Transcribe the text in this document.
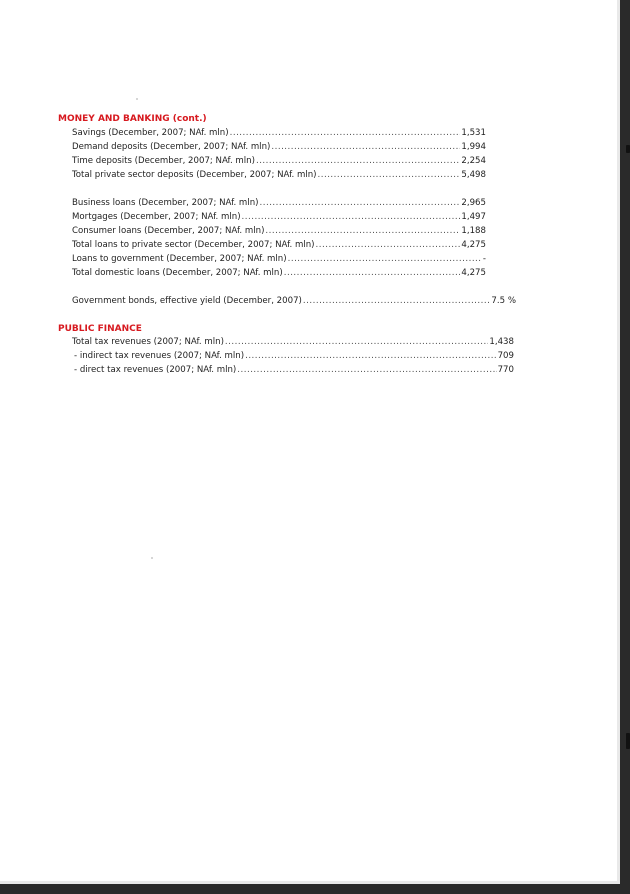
MONEY AND BANKING (cont.)
Savings (December, 2007; NAf. mln) .....	1,531
Demand deposits (December, 2007; NAf. mln) .....	1,994
Time deposits (December, 2007; NAf. mln) .....	2,254
Total private sector deposits (December, 2007; NAf. mln) .....	5,498
Business loans (December, 2007; NAf. mln) .....	2,965
Mortgages (December, 2007; NAf. mln) .....	1,497
Consumer loans (December, 2007; NAf. mln) .....	1,188
Total loans to private sector (December, 2007; NAf. mln) .....	4,275
Loans to government (December, 2007; NAf. mln) .....	-
Total domestic loans (December, 2007; NAf. mln) .....	4,275
Government bonds, effective yield (December, 2007) .....	7.5 %
PUBLIC FINANCE
Total tax revenues (2007; NAf. mln) .....	1,438
- indirect tax revenues (2007; NAf. mln) .....	709
- direct tax revenues (2007; NAf. mln) .....	770
